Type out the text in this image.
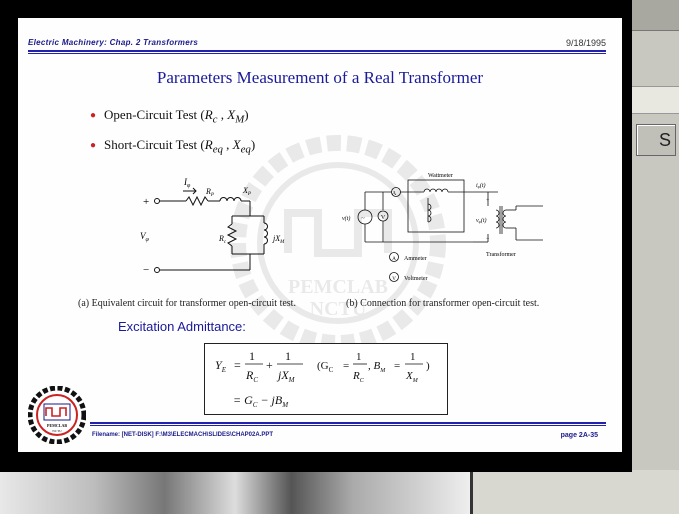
S
PEMCLAB
NCTU
Electric Machinery: Chap. 2 Transformers	9/18/1995
Parameters Measurement of a Real Transformer
● Open-Circuit Test ($R_c$ , $X_M$)
● Short-Circuit Test ($R_{eq}$ , $X_{eq}$)
+
−
$I_\varphi$
$R_P$
$X_P$
$R_c$	$jX_M$
$V_\varphi$
~
v(t)
A
V
Wattmeter
iφ(t)
+
−
vφ(t)
Transformer
A Ammeter
V Voltmeter
(a) Equivalent circuit for transformer open-circuit test.	(b) Connection for transformer open-circuit test.
Excitation Admittance:
$Y_E$ =
1
$R_C$
+
1
$jX_M$
($G_C$ =
1
$R_C$
, $B_M$ =
1
$X_M$
)
= $G_C - jB_M$
PEMCLAB
NCTU
Filename: [NET-DISK] F:\M3\ELECMACH\SLIDES\CHAP02A.PPT	page 2A-35
